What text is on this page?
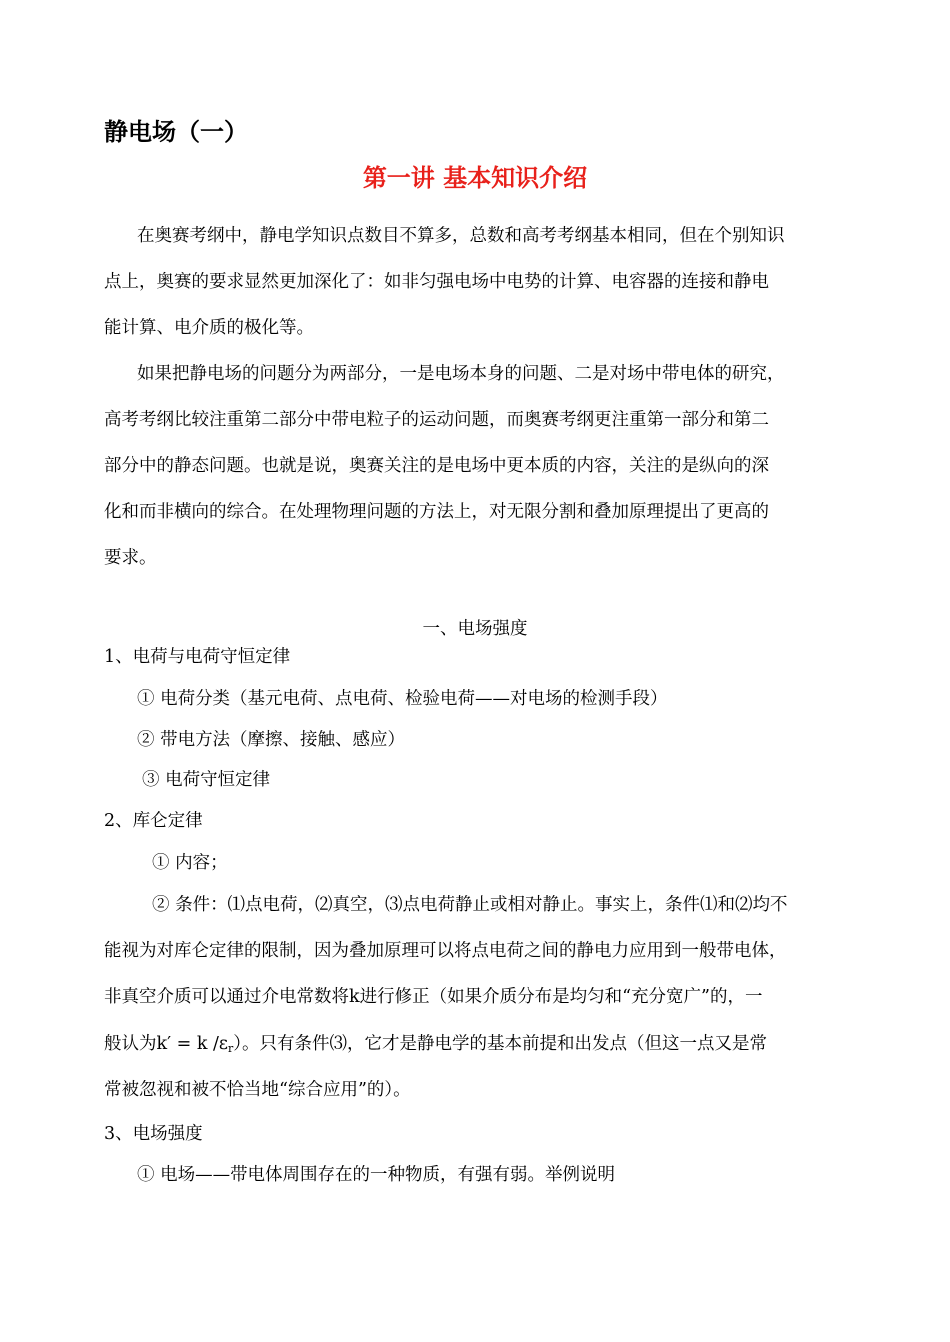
静电场（一）
第一讲 基本知识介绍
在奥赛考纲中，静电学知识点数目不算多，总数和高考考纲基本相同，但在个别知识
点上，奥赛的要求显然更加深化了：如非匀强电场中电势的计算、电容器的连接和静电
能计算、电介质的极化等。
如果把静电场的问题分为两部分，一是电场本身的问题、二是对场中带电体的研究，
高考考纲比较注重第二部分中带电粒子的运动问题，而奥赛考纲更注重第一部分和第二
部分中的静态问题。也就是说，奥赛关注的是电场中更本质的内容，关注的是纵向的深
化和而非横向的综合。在处理物理问题的方法上，对无限分割和叠加原理提出了更高的
要求。
一、电场强度
1、电荷与电荷守恒定律
① 电荷分类（基元电荷、点电荷、检验电荷——对电场的检测手段）
② 带电方法（摩擦、接触、感应）
③ 电荷守恒定律
2、库仑定律
① 内容；
② 条件：⑴点电荷，⑵真空，⑶点电荷静止或相对静止。事实上，条件⑴和⑵均不
能视为对库仑定律的限制，因为叠加原理可以将点电荷之间的静电力应用到一般带电体，
非真空介质可以通过介电常数将k进行修正（如果介质分布是均匀和“充分宽广”的，一
般认为k′ = k $/\varepsilon_r$）。只有条件⑶，它才是静电学的基本前提和出发点（但这一点又是常
常被忽视和被不恰当地“综合应用”的）。
3、电场强度
① 电场——带电体周围存在的一种物质，有强有弱。举例说明
